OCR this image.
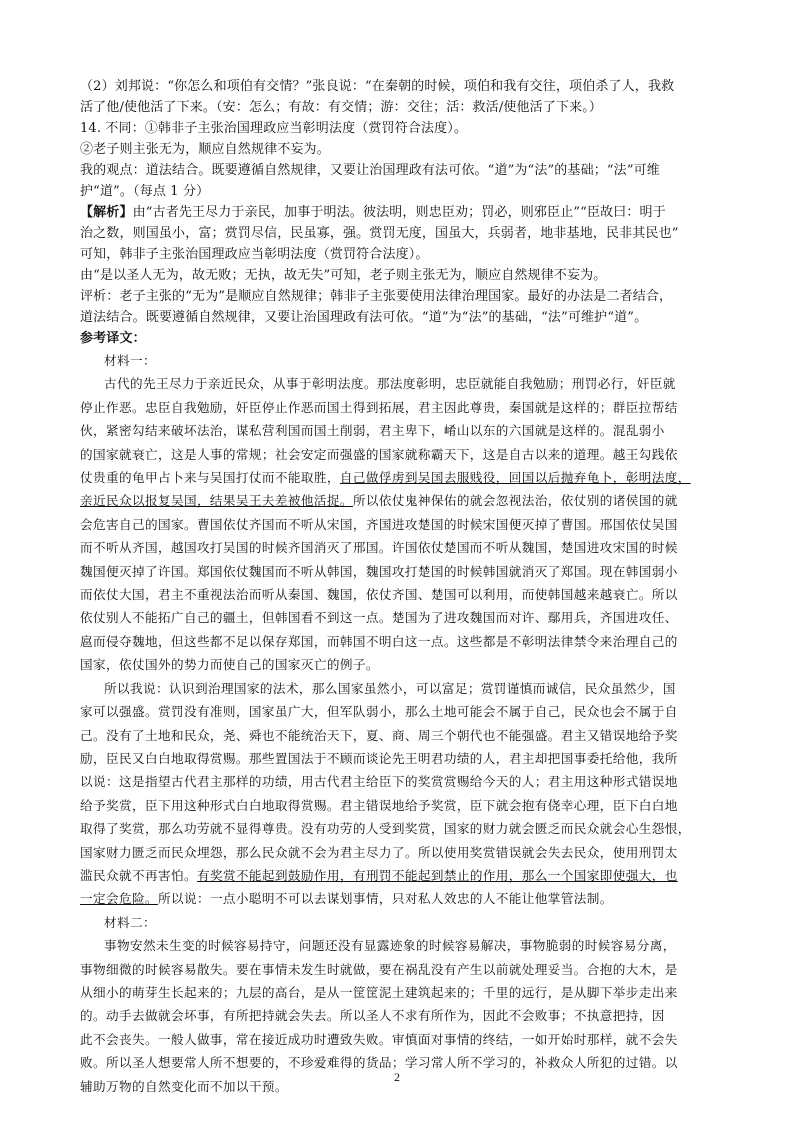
（2）刘邦说：“你怎么和项伯有交情？”张良说：“在秦朝的时候，项伯和我有交往，项伯杀了人，我救
活了他/使他活了下来。（安：怎么；有故：有交情；游：交往；活：救活/使他活了下来。）
14. 不同：①韩非子主张治国理政应当彰明法度（赏罚符合法度）。
②老子则主张无为，顺应自然规律不妄为。
我的观点：道法结合。既要遵循自然规律，又要让治国理政有法可依。“道”为“法”的基础；“法”可维
护“道”。（每点 1 分）
【解析】由“古者先王尽力于亲民，加事于明法。彼法明，则忠臣劝；罚必，则邪臣止”“臣故曰：明于
治之数，则国虽小，富；赏罚尽信，民虽寡，强。赏罚无度，国虽大，兵弱者，地非基地，民非其民也”
可知，韩非子主张治国理政应当彰明法度（赏罚符合法度）。
由“是以圣人无为，故无败；无执，故无失”可知，老子则主张无为，顺应自然规律不妄为。
评析：老子主张的“无为”是顺应自然规律；韩非子主张要使用法律治理国家。最好的办法是二者结合，
道法结合。既要遵循自然规律，又要让治国理政有法可依。“道”为“法”的基础，“法”可维护“道”。
参考译文：
材料一：
古代的先王尽力于亲近民众，从事于彰明法度。那法度彰明，忠臣就能自我勉励；刑罚必行，奸臣就
停止作恶。忠臣自我勉励，奸臣停止作恶而国土得到拓展，君主因此尊贵，秦国就是这样的；群臣拉帮结
伙，紧密勾结来破坏法治，谋私营利国而国土削弱，君主卑下，崤山以东的六国就是这样的。混乱弱小
的国家就衰亡，这是人事的常规；社会安定而强盛的国家就称霸天下，这是自古以来的道理。越王勾践依
仗贵重的龟甲占卜来与吴国打仗而不能取胜，自己做俘虏到吴国去服贱役，回国以后抛弃龟卜，彰明法度，
亲近民众以报复吴国，结果吴王夫差被他活捉。所以依仗鬼神保佑的就会忽视法治，依仗别的诸侯国的就
会危害自己的国家。曹国依仗齐国而不听从宋国，齐国进攻楚国的时候宋国便灭掉了曹国。邢国依仗吴国
而不听从齐国，越国攻打吴国的时候齐国消灭了邢国。许国依仗楚国而不听从魏国，楚国进攻宋国的时候
魏国便灭掉了许国。郑国依仗魏国而不听从韩国，魏国攻打楚国的时候韩国就消灭了郑国。现在韩国弱小
而依仗大国，君主不重视法治而听从秦国、魏国，依仗齐国、楚国可以利用，而使韩国越来越衰亡。所以
依仗别人不能拓广自己的疆土，但韩国看不到这一点。楚国为了进攻魏国而对许、鄢用兵，齐国进攻任、
扈而侵夺魏地，但这些都不足以保存郑国，而韩国不明白这一点。这些都是不彰明法律禁令来治理自己的
国家，依仗国外的势力而使自己的国家灭亡的例子。
所以我说：认识到治理国家的法术，那么国家虽然小，可以富足；赏罚谨慎而诚信，民众虽然少，国
家可以强盛。赏罚没有准则，国家虽广大，但军队弱小，那么土地可能会不属于自己，民众也会不属于自
己。没有了土地和民众，尧、舜也不能统治天下，夏、商、周三个朝代也不能强盛。君主又错误地给予奖
励，臣民又白白地取得赏赐。那些置国法于不顾而谈论先王明君功绩的人，君主却把国事委托给他，我所
以说：这是指望古代君主那样的功绩，用古代君主给臣下的奖赏赏赐给今天的人；君主用这种形式错误地
给予奖赏，臣下用这种形式白白地取得赏赐。君主错误地给予奖赏，臣下就会抱有侥幸心理，臣下白白地
取得了奖赏，那么功劳就不显得尊贵。没有功劳的人受到奖赏，国家的财力就会匮乏而民众就会心生怨恨，
国家财力匮乏而民众埋怨，那么民众就不会为君主尽力了。所以使用奖赏错误就会失去民众，使用刑罚太
滥民众就不再害怕。有奖赏不能起到鼓励作用，有刑罚不能起到禁止的作用，那么一个国家即使强大，也
一定会危险。所以说：一点小聪明不可以去谋划事情，只对私人效忠的人不能让他掌管法制。
材料二：
事物安然未生变的时候容易持守，问题还没有显露迹象的时候容易解决，事物脆弱的时候容易分离，
事物细微的时候容易散失。要在事情未发生时就做，要在祸乱没有产生以前就处理妥当。合抱的大木，是
从细小的萌芽生长起来的；九层的高台，是从一筐筐泥土建筑起来的；千里的远行，是从脚下举步走出来
的。动手去做就会坏事，有所把持就会失去。所以圣人不求有所作为，因此不会败事；不执意把持，因
此不会丧失。一般人做事，常在接近成功时遭致失败。审慎面对事情的终结，一如开始时那样，就不会失
败。所以圣人想要常人所不想要的，不珍爱难得的货品；学习常人所不学习的，补救众人所犯的过错。以
辅助万物的自然变化而不加以干预。
2
